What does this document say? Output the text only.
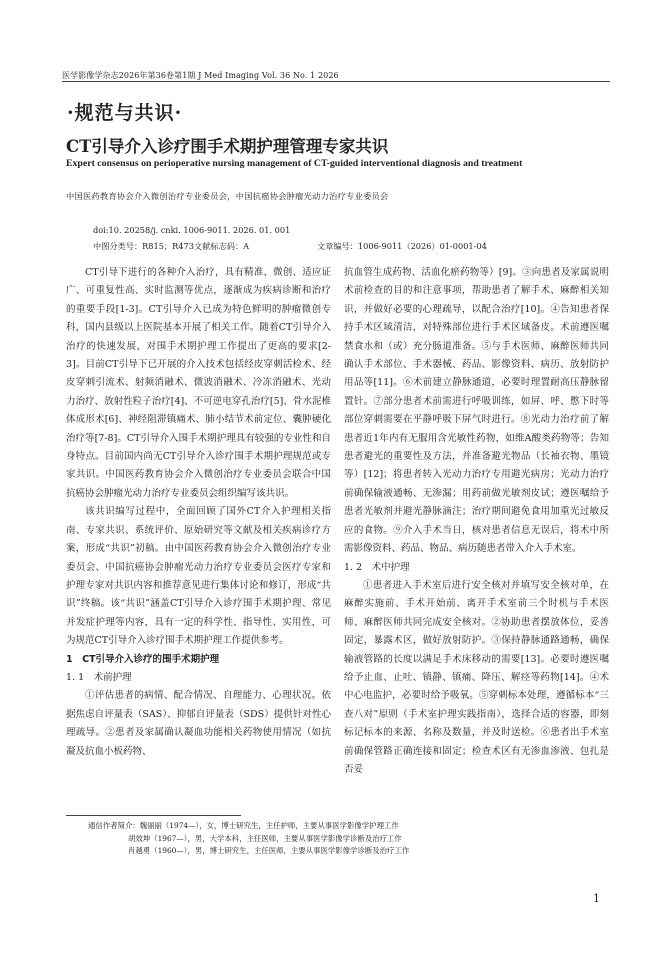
医学影像学杂志2026年第36卷第1期 J Med Imaging Vol. 36 No. 1 2026
·规范与共识·
CT引导介入诊疗围手术期护理管理专家共识
Expert consensus on perioperative nursing management of CT-guided interventional diagnosis and treatment
中国医药教育协会介入微创治疗专业委员会，中国抗癌协会肿瘤光动力治疗专业委员会
doi:10. 20258/j. cnki. 1006-9011. 2026. 01. 001
中图分类号：R815；R473 文献标志码：A	文章编号：1006-9011（2026）01-0001-04

CT引导下进行的各种介入治疗，具有精准、微创、适应证广、可重复性高、实时监测等优点，逐渐成为疾病诊断和治疗的重要手段[1-3]。CT引导介入已成为特色鲜明的肿瘤微创专科，国内县级以上医院基本开展了相关工作。随着CT引导介入治疗的快速发展，对围手术期护理工作提出了更高的要求[2-3]。目前CT引导下已开展的介入技术包括经皮穿刺活检术、经皮穿刺引流术、射频消融术、微波消融术、冷冻消融术、光动力治疗、放射性粒子治疗[4]、不可逆电穿孔治疗[5]、骨水泥椎体成形术[6]、神经阻滞镇痛术、肺小结节术前定位、囊肿硬化治疗等[7-8]。CT引导介入围手术期护理具有较强的专业性和自身特点。目前国内尚无CT引导介入诊疗围手术期护理规范或专家共识。中国医药教育协会介入微创治疗专业委员会联合中国抗癌协会肿瘤光动力治疗专业委员会组织编写该共识。

该共识编写过程中，全面回顾了国外CT介入护理相关指南、专家共识、系统评价、原始研究等文献及相关疾病诊疗方案，形成“共识”初稿。由中国医药教育协会介入微创治疗专业委员会、中国抗癌协会肿瘤光动力治疗专业委员会医疗专家和护理专家对共识内容和推荐意见进行集体讨论和修订，形成“共识”终稿。该“共识”涵盖CT引导介入诊疗围手术期护理、常见并发症护理等内容，具有一定的科学性、指导性、实用性，可为规范CT引导介入诊疗围手术期护理工作提供参考。

1　CT引导介入诊疗的围手术期护理
1. 1　术前护理

①评估患者的病情、配合情况、自理能力、心理状况。依据焦虑自评量表（SAS）、抑郁自评量表（SDS）提供针对性心理疏导。②患者及家属确认凝血功能相关药物使用情况（如抗凝及抗血小板药物、

抗血管生成药物、活血化瘀药物等）[9]。③向患者及家属说明术前检查的目的和注意事项，帮助患者了解手术、麻醉相关知识，并做好必要的心理疏导，以配合治疗[10]。④告知患者保持手术区域清洁，对特殊部位进行手术区域备皮。术前遵医嘱禁食水和（或）充分肠道准备。⑤与手术医师、麻醉医师共同确认手术部位、手术器械、药品、影像资料、病历、放射防护用品等[11]。⑥术前建立静脉通道，必要时理置耐高压静脉留置针。⑦部分患者术前需进行呼吸训练，如屏、呼、憋下时等部位穿刺需要在平静呼吸下屏气时进行。⑧光动力治疗前了解患者近1年内有无服用含光敏性药物，如维A酸类药物等；告知患者避光的重要性及方法，并准备避光物品（长袖衣物、墨镜等）[12]；将患者转入光动力治疗专用避光病房；光动力治疗前确保输液通畅、无渗漏；用药前做光敏剂皮试；遵医嘱给予患者光敏剂并避光静脉滴注；治疗期间避免食用加重光过敏反应的食物。⑨介入手术当日，核对患者信息无误后，将术中所需影像资料、药品、物品、病历随患者带入介入手术室。

1. 2　术中护理

①患者进入手术室后进行安全核对并填写安全核对单，在麻醉实施前、手术开始前、离开手术室前三个时机与手术医师、麻醉医师共同完成安全核对。②协助患者摆放体位，妥善固定，暴露术区，做好放射防护。③保持静脉通路通畅，确保输液管路的长度以满足手术床移动的需要[13]。必要时遵医嘱给予止血、止吐、镇静、镇痛、降压、解痉等药物[14]。④术中心电监护，必要时给予吸氧。⑤穿刺标本处理，遵循标本“三查八对”原则（手术室护理实践指南），选择合适的容器，即刻标记标本的来源、名称及数量，并及时送检。⑥患者出手术室前确保管路正确连接和固定；检查术区有无渗血渗液、包扎是否妥

通信作者简介：魏丽丽（1974—），女，博士研究生，主任护师，主要从事医学影像学护理工作
胡效坤（1967—），男，大学本科，主任医师，主要从事医学影像学诊断及治疗工作
肖越勇（1960—），男，博士研究生，主任医师，主要从事医学影像学诊断及治疗工作
1
